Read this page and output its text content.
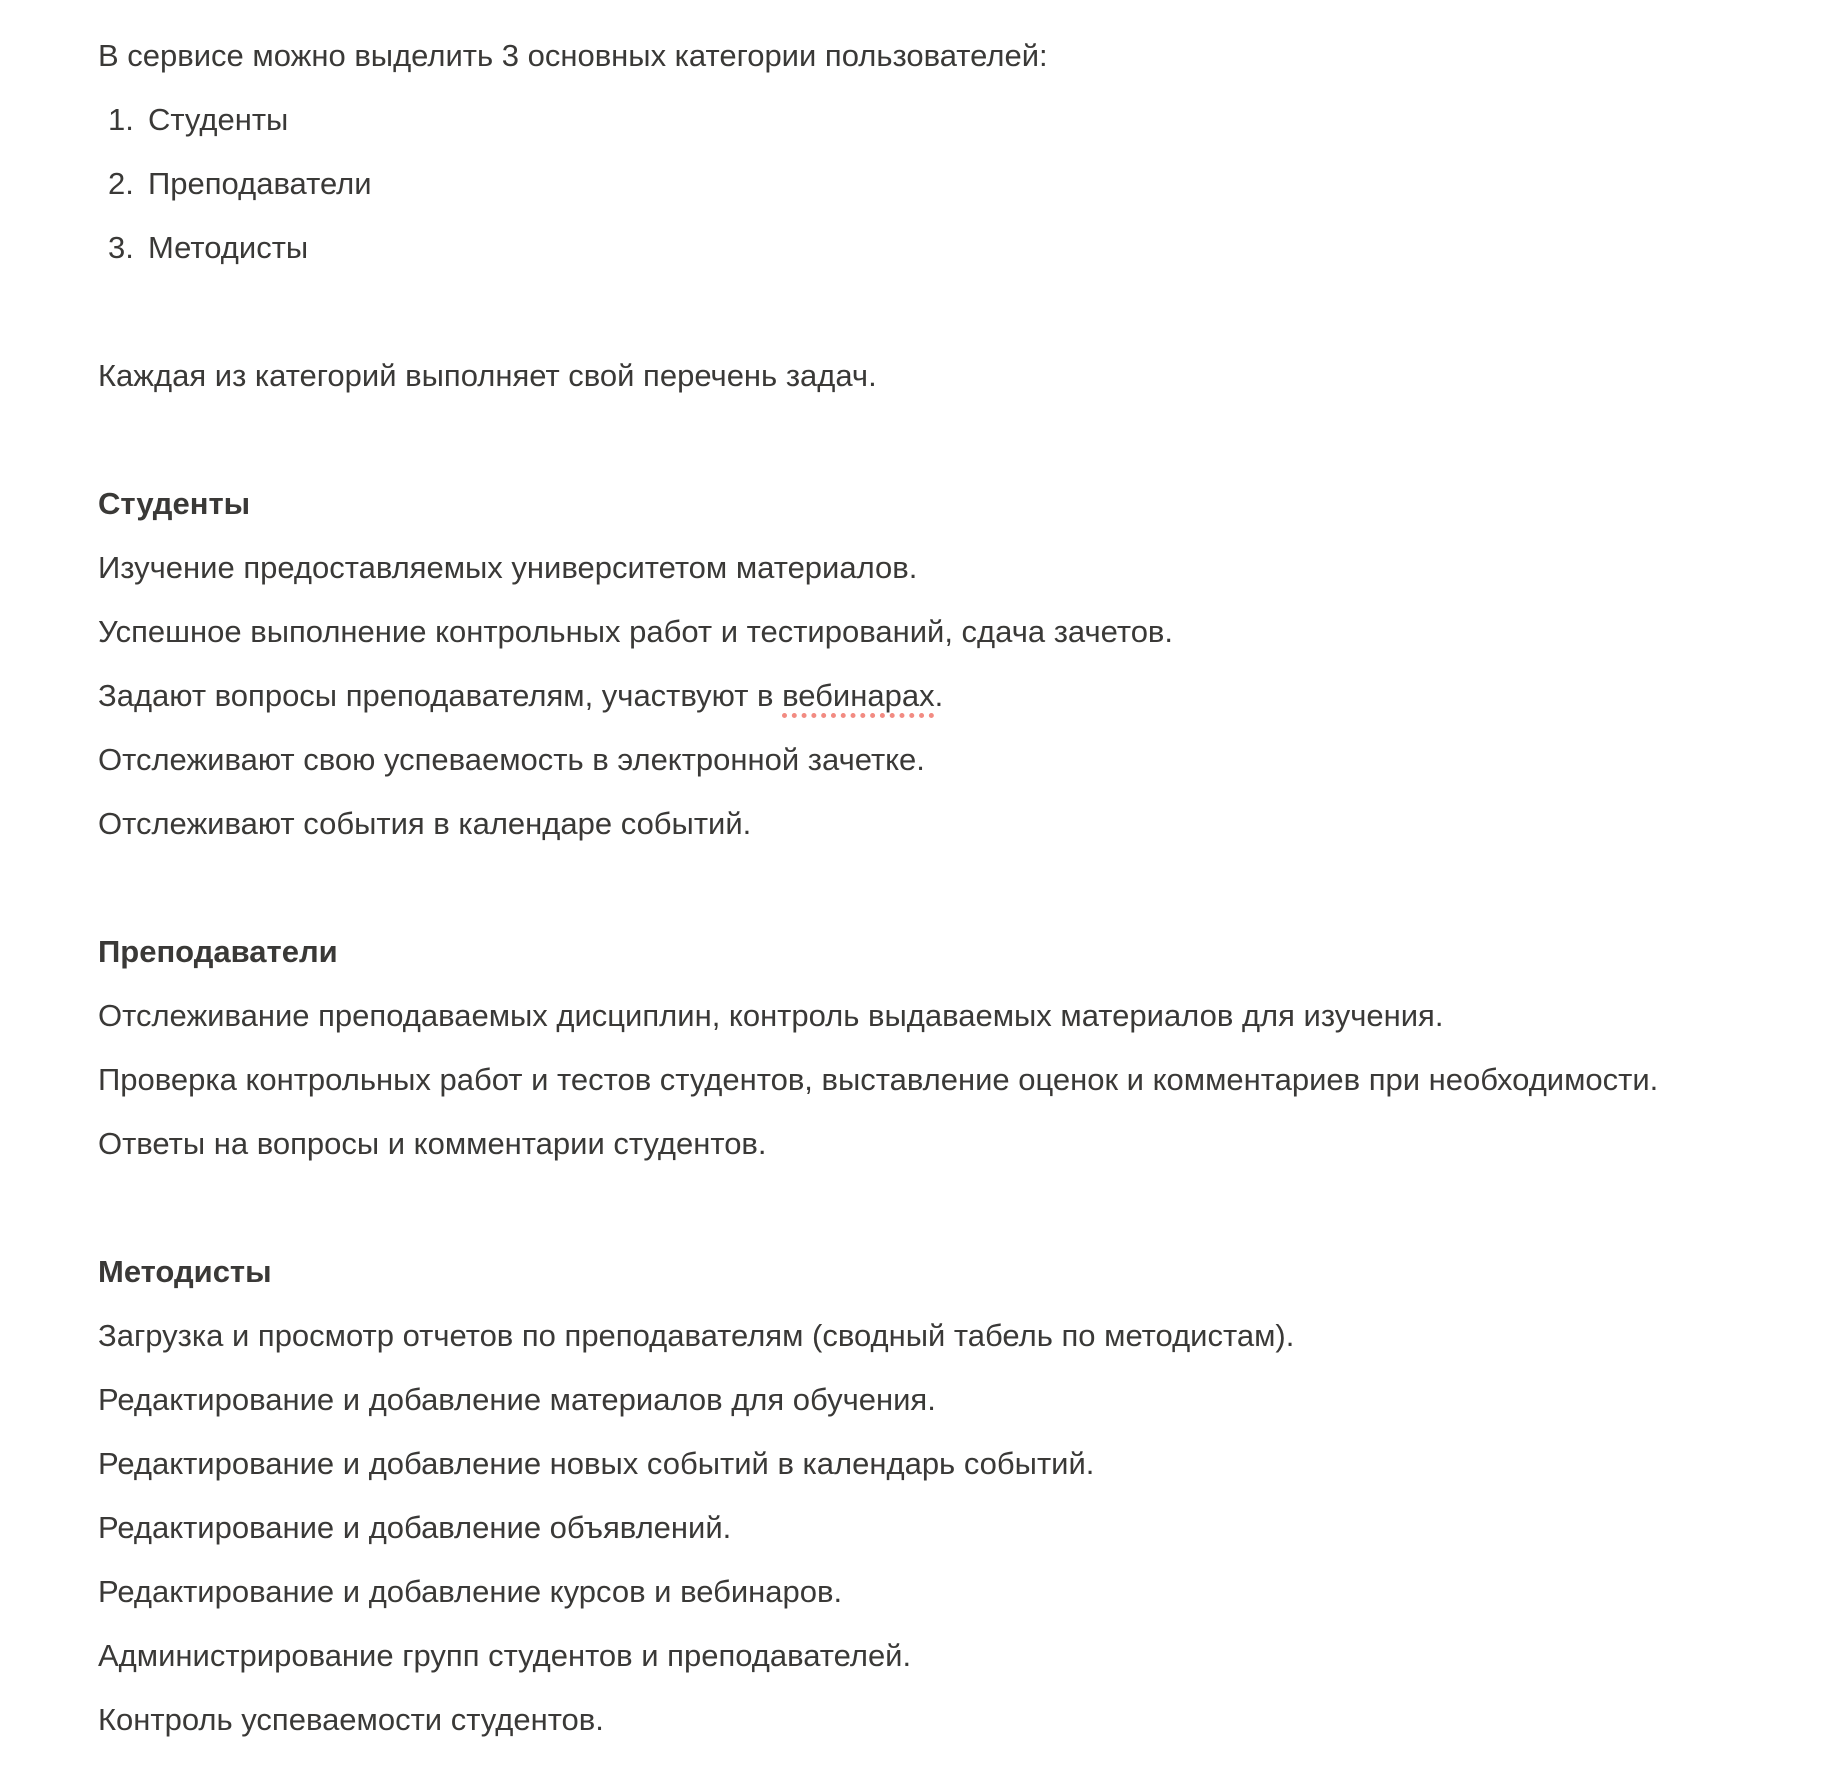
В сервисе можно выделить 3 основных категории пользователей:

1. Студенты
2. Преподаватели
3. Методисты

Каждая из категорий выполняет свой перечень задач.

Студенты

Изучение предоставляемых университетом материалов.

Успешное выполнение контрольных работ и тестирований, сдача зачетов.

Задают вопросы преподавателям, участвуют в вебинарах.

Отслеживают свою успеваемость в электронной зачетке.

Отслеживают события в календаре событий.

Преподаватели

Отслеживание преподаваемых дисциплин, контроль выдаваемых материалов для изучения.

Проверка контрольных работ и тестов студентов, выставление оценок и комментариев при необходимости.

Ответы на вопросы и комментарии студентов.

Методисты

Загрузка и просмотр отчетов по преподавателям (сводный табель по методистам).

Редактирование и добавление материалов для обучения.

Редактирование и добавление новых событий в календарь событий.

Редактирование и добавление объявлений.

Редактирование и добавление курсов и вебинаров.

Администрирование групп студентов и преподавателей.

Контроль успеваемости студентов.
